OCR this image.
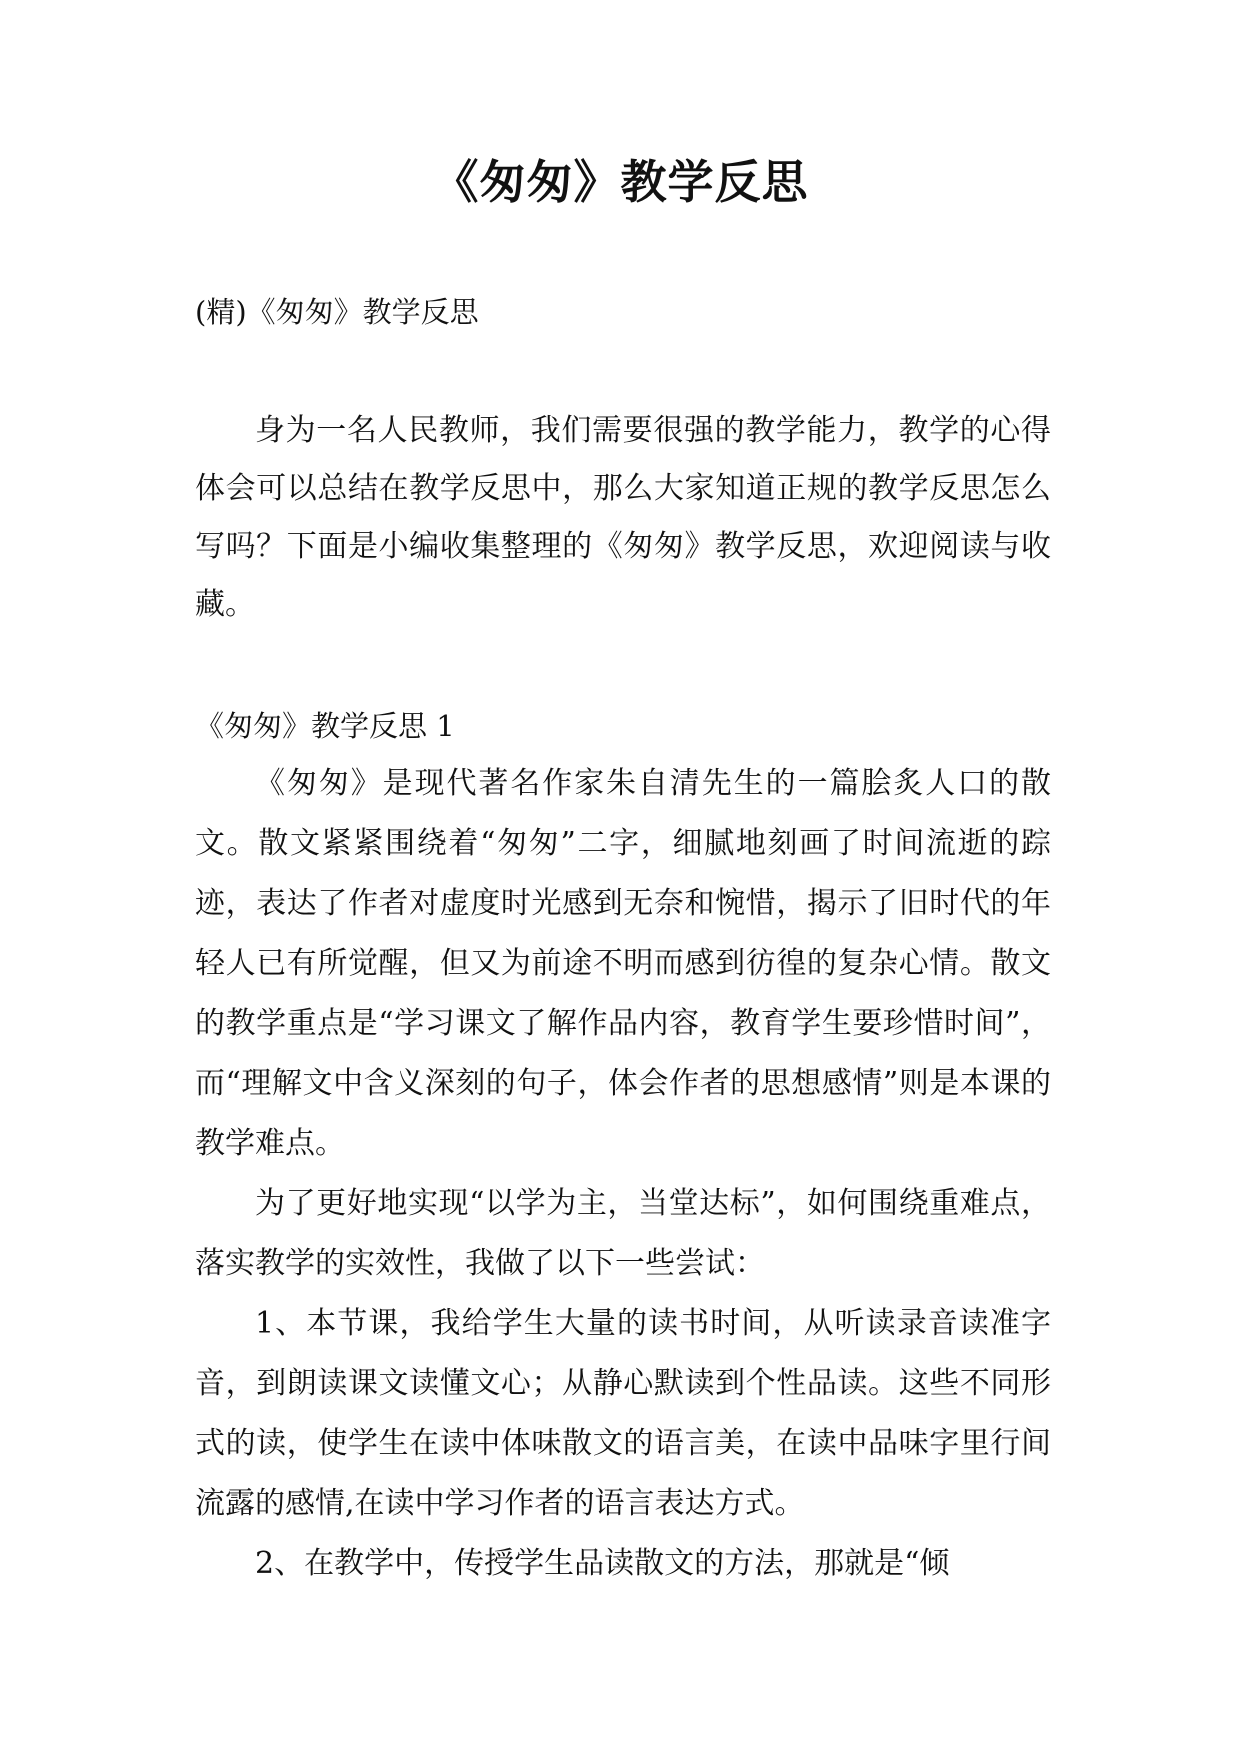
《匆匆》教学反思
(精)《匆匆》教学反思

身为一名人民教师，我们需要很强的教学能力，教学的心得体会可以总结在教学反思中，那么大家知道正规的教学反思怎么写吗？下面是小编收集整理的《匆匆》教学反思，欢迎阅读与收藏。

《匆匆》教学反思 1

《匆匆》是现代著名作家朱自清先生的一篇脍炙人口的散文。散文紧紧围绕着“匆匆”二字，细腻地刻画了时间流逝的踪迹，表达了作者对虚度时光感到无奈和惋惜，揭示了旧时代的年轻人已有所觉醒，但又为前途不明而感到彷徨的复杂心情。散文的教学重点是“学习课文了解作品内容，教育学生要珍惜时间”，而“理解文中含义深刻的句子，体会作者的思想感情”则是本课的教学难点。

为了更好地实现“以学为主，当堂达标”，如何围绕重难点，落实教学的实效性，我做了以下一些尝试：

1、本节课，我给学生大量的读书时间，从听读录音读准字音，到朗读课文读懂文心；从静心默读到个性品读。这些不同形式的读，使学生在读中体味散文的语言美，在读中品味字里行间流露的感情,在读中学习作者的语言表达方式。

2、在教学中，传授学生品读散文的方法，那就是“倾
